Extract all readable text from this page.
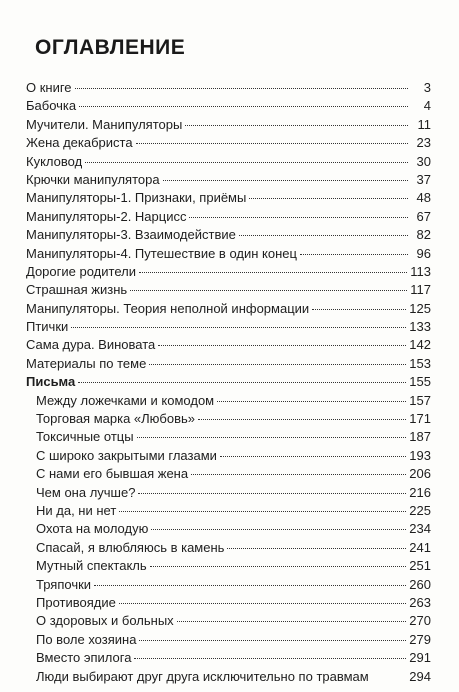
ОГЛАВЛЕНИЕ
О книге	3
Бабочка	4
Мучители. Манипуляторы	11
Жена декабриста	23
Кукловод	30
Крючки манипулятора	37
Манипуляторы-1. Признаки, приёмы	48
Манипуляторы-2. Нарцисс	67
Манипуляторы-3. Взаимодействие	82
Манипуляторы-4. Путешествие в один конец	96
Дорогие родители	113
Страшная жизнь	117
Манипуляторы. Теория неполной информации	125
Птички	133
Сама дура. Виновата	142
Материалы по теме	153
Письма	155
Между ложечками и комодом	157
Торговая марка «Любовь»	171
Токсичные отцы	187
С широко закрытыми глазами	193
С нами его бывшая жена	206
Чем она лучше?	216
Ни да, ни нет	225
Охота на молодую	234
Спасай, я влюбляюсь в камень	241
Мутный спектакль	251
Тряпочки	260
Противоядие	263
О здоровых и больных	270
По воле хозяина	279
Вместо эпилога	291
Люди выбирают друг друга исключительно по травмам	294
